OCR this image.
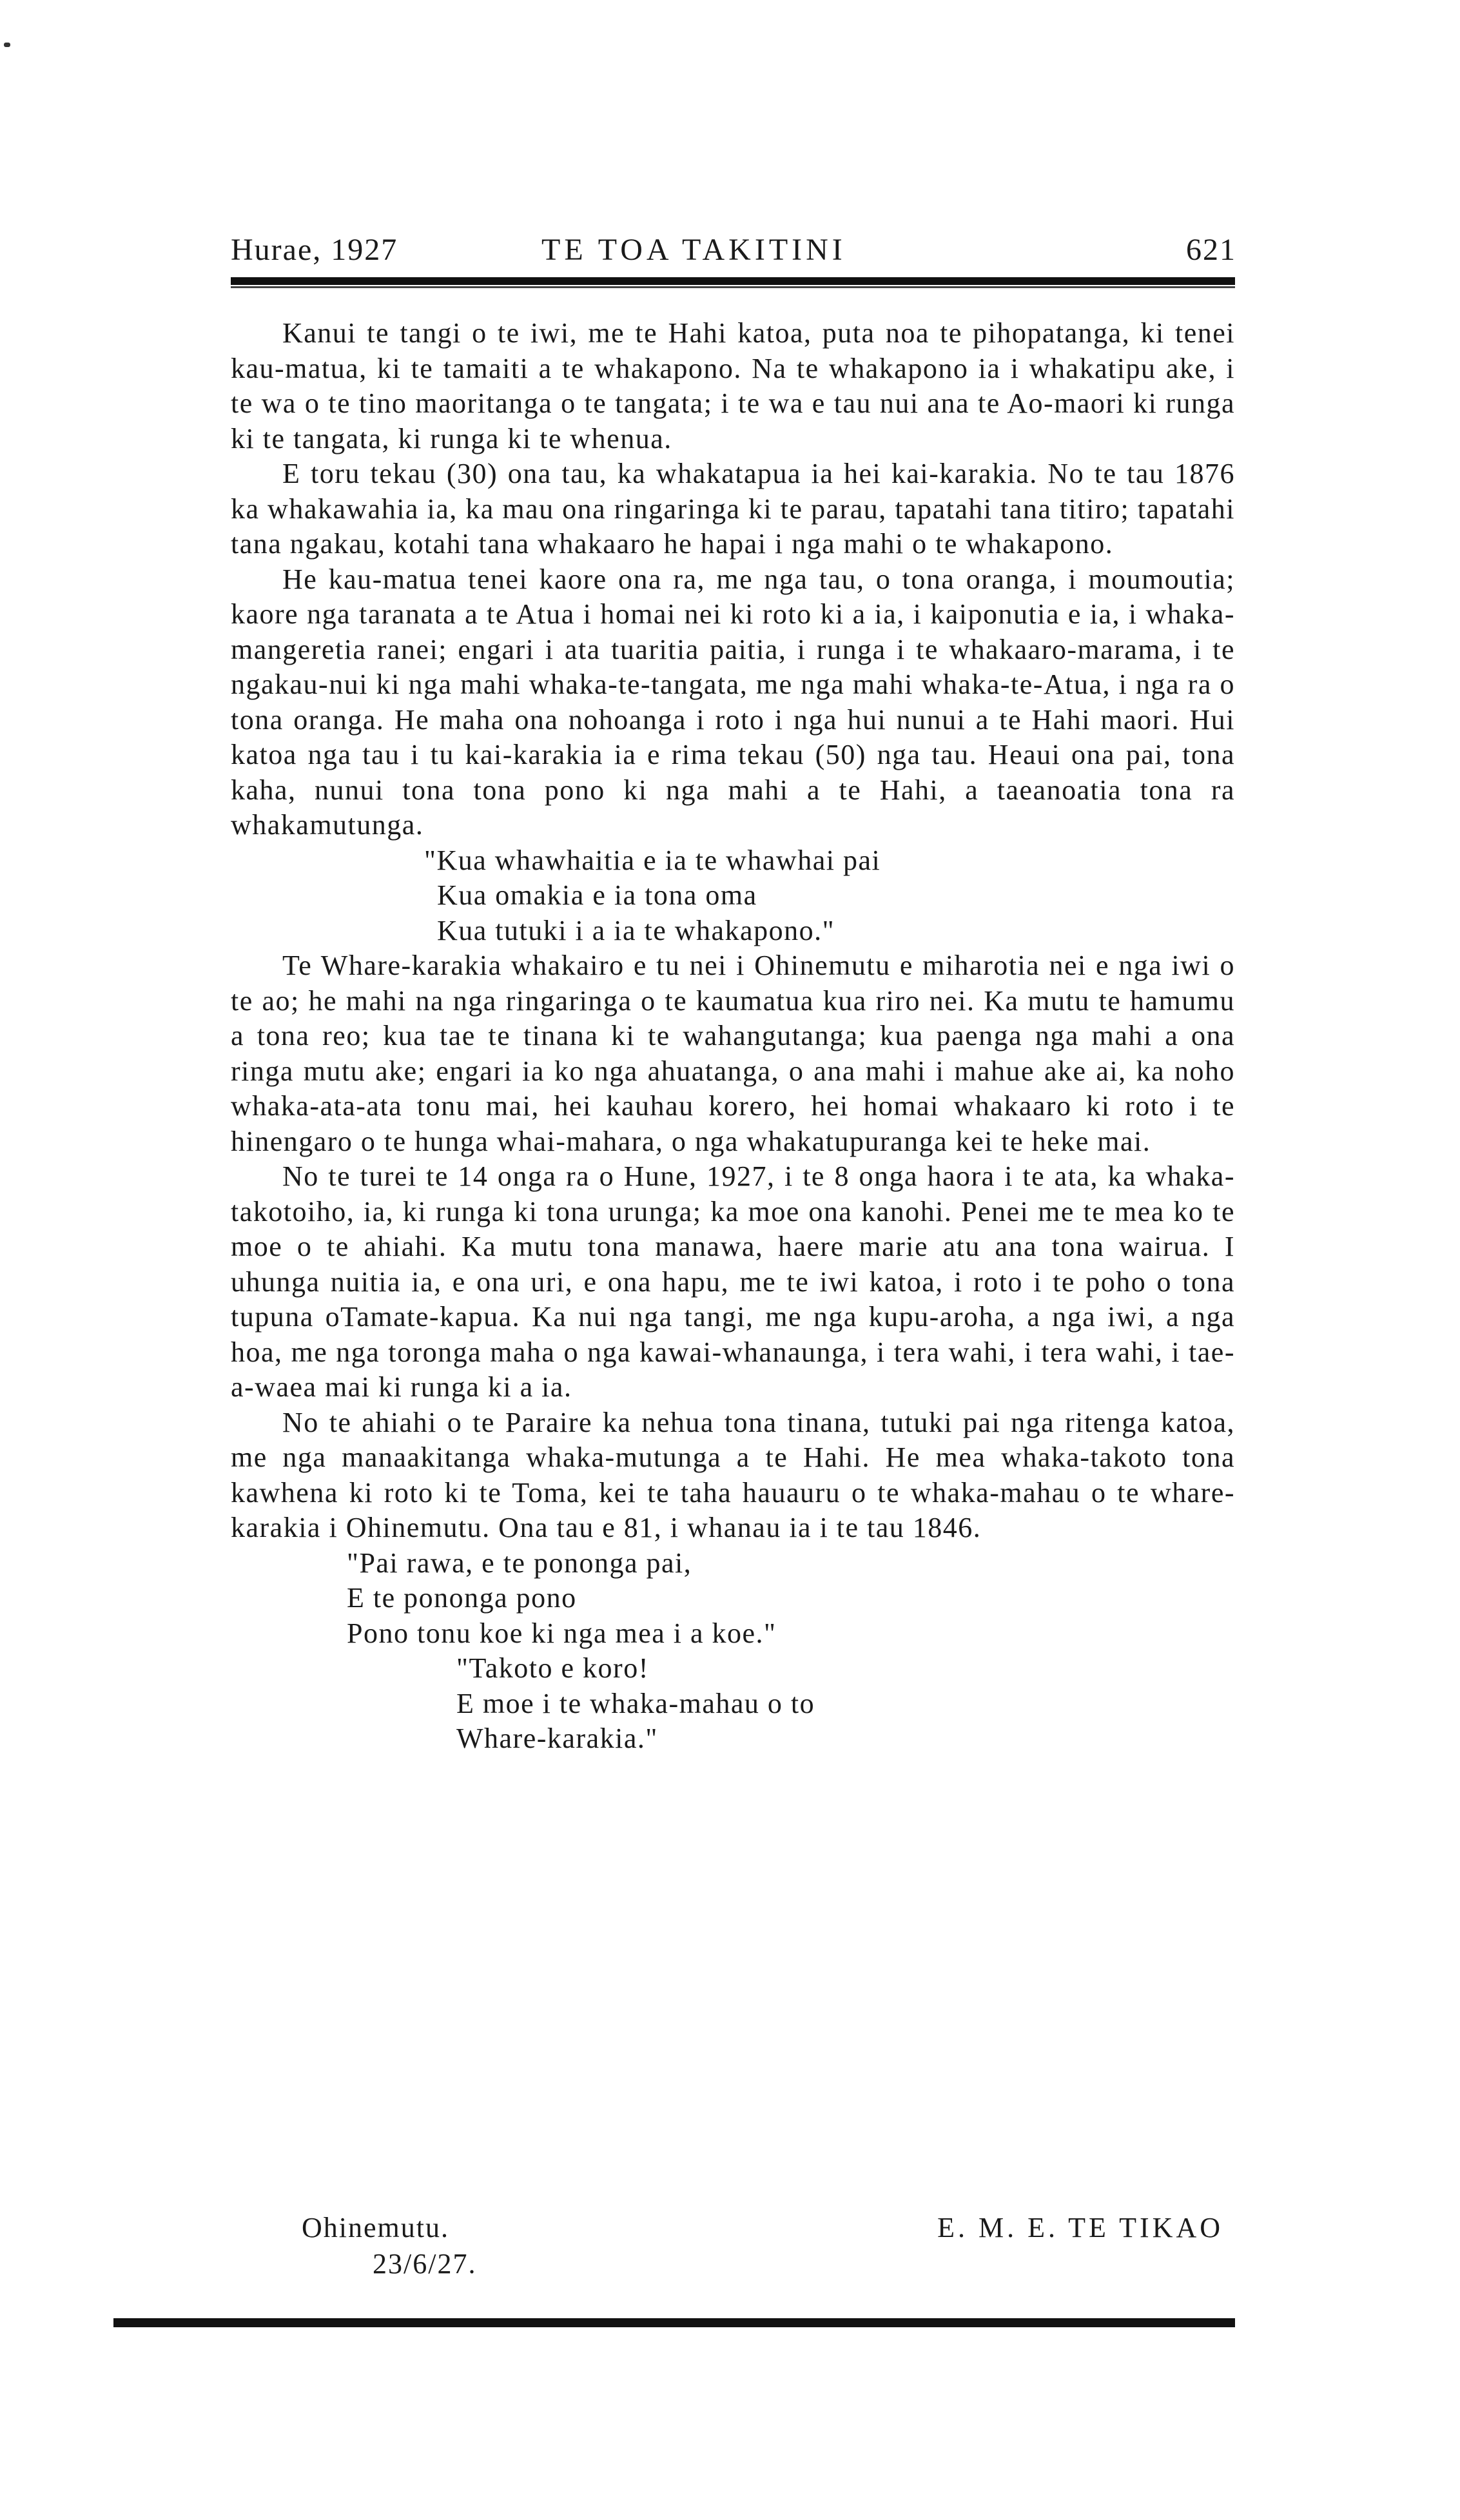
Hurae, 1927	TE TOA TAKITINI	621

Kanui te tangi o te iwi, me te Hahi katoa, puta noa te pihopatanga, ki tenei kau-matua, ki te tamaiti a te whakapono. Na te whakapono ia i whakatipu ake, i te wa o te tino maoritanga o te tangata; i te wa e tau nui ana te Ao-maori ki runga ki te tangata, ki runga ki te whenua.

E toru tekau (30) ona tau, ka whakatapua ia hei kai-karakia. No te tau 1876 ka whakawahia ia, ka mau ona ringaringa ki te parau, tapatahi tana titiro; tapatahi tana ngakau, kotahi tana whakaaro he hapai i nga mahi o te whakapono.

He kau-matua tenei kaore ona ra, me nga tau, o tona oranga, i moumoutia; kaore nga taranata a te Atua i homai nei ki roto ki a ia, i kaiponutia e ia, i whaka-mangeretia ranei; engari i ata tuaritia paitia, i runga i te whakaaro-marama, i te ngakau-nui ki nga mahi whaka-te-tangata, me nga mahi whaka-te-Atua, i nga ra o tona oranga. He maha ona nohoanga i roto i nga hui nunui a te Hahi maori. Hui katoa nga tau i tu kai-karakia ia e rima tekau (50) nga tau. Heaui ona pai, tona kaha, nunui tona tona pono ki nga mahi a te Hahi, a taeanoatia tona ra whakamutunga.

"Kua whawhaitia e ia te whawhai pai
Kua omakia e ia tona oma
Kua tutuki i a ia te whakapono."

Te Whare-karakia whakairo e tu nei i Ohinemutu e miharotia nei e nga iwi o te ao; he mahi na nga ringaringa o te kaumatua kua riro nei. Ka mutu te hamumu a tona reo; kua tae te tinana ki te wahangutanga; kua paenga nga mahi a ona ringa mutu ake; engari ia ko nga ahuatanga, o ana mahi i mahue ake ai, ka noho whaka-ata-ata tonu mai, hei kauhau korero, hei homai whakaaro ki roto i te hinengaro o te hunga whai-mahara, o nga whakatupuranga kei te heke mai.

No te turei te 14 onga ra o Hune, 1927, i te 8 onga haora i te ata, ka whaka-takotoiho, ia, ki runga ki tona urunga; ka moe ona kanohi. Penei me te mea ko te moe o te ahiahi. Ka mutu tona manawa, haere marie atu ana tona wairua. I uhunga nuitia ia, e ona uri, e ona hapu, me te iwi katoa, i roto i te poho o tona tupuna oTamate-kapua. Ka nui nga tangi, me nga kupu-aroha, a nga iwi, a nga hoa, me nga toronga maha o nga kawai-whanaunga, i tera wahi, i tera wahi, i tae-a-waea mai ki runga ki a ia.

No te ahiahi o te Paraire ka nehua tona tinana, tutuki pai nga ritenga katoa, me nga manaakitanga whaka-mutunga a te Hahi. He mea whaka-takoto tona kawhena ki roto ki te Toma, kei te taha hauauru o te whaka-mahau o te whare-karakia i Ohinemutu. Ona tau e 81, i whanau ia i te tau 1846.

"Pai rawa, e te pononga pai,
E te pononga pono
Pono tonu koe ki nga mea i a koe."
"Takoto e koro!
E moe i te whaka-mahau o to
Whare-karakia."
Ohinemutu.
23/6/27.
E. M. E. TE TIKAO
